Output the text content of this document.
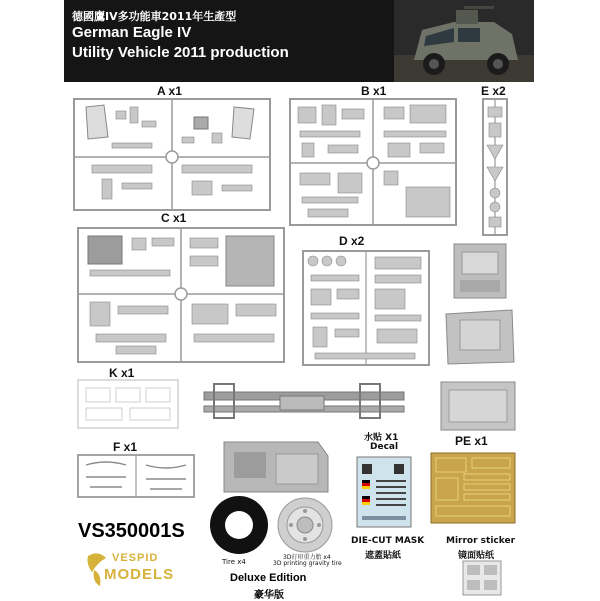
德國鷹IV多功能車2011年生產型
German Eagle IV
Utility Vehicle 2011 production
A x1	B x1	E x2
C x1
D x2
K x1
F x1
水贴 X1
Decal	PE x1
Tire x4
3D打印重力胎 x4
3D printing gravity tire
DIE-CUT MASK
遮蓋貼紙
Mirror sticker
镜面贴纸
VS350001S
VESPID
MODELS	Deluxe Edition
豪华版
